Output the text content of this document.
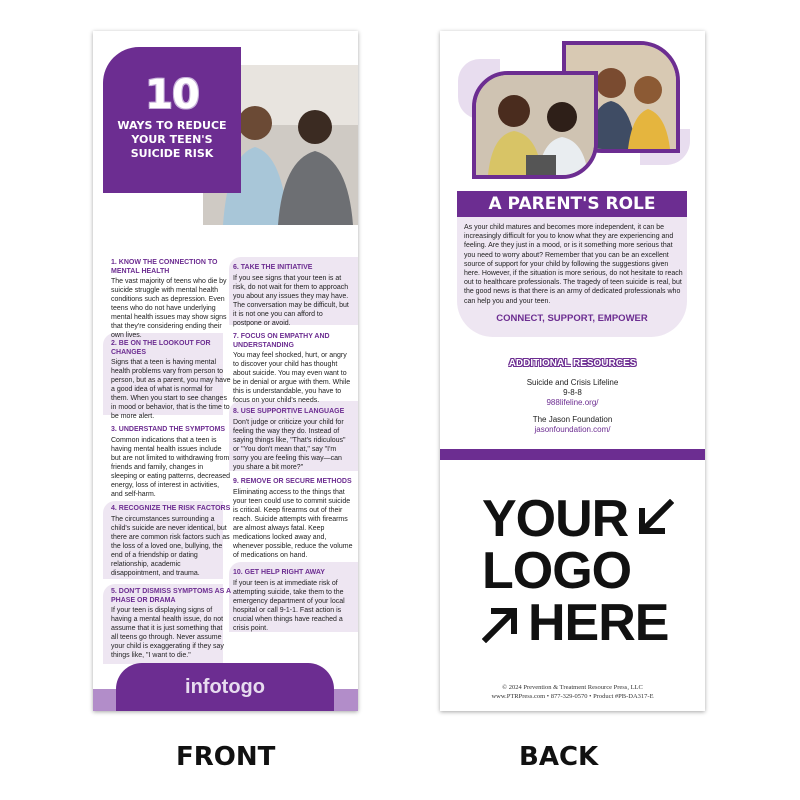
10
WAYS TO REDUCE YOUR TEEN'S SUICIDE RISK
1. KNOW THE CONNECTION TO MENTAL HEALTH
The vast majority of teens who die by suicide struggle with mental health conditions such as depression. Even teens who do not have underlying mental health issues may show signs that they're considering ending their own lives.
2. BE ON THE LOOKOUT FOR CHANGES
Signs that a teen is having mental health problems vary from person to person, but as a parent, you may have a good idea of what is normal for them. When you start to see changes in mood or behavior, that is the time to be more alert.
3. UNDERSTAND THE SYMPTOMS
Common indications that a teen is having mental health issues include but are not limited to withdrawing from friends and family, changes in sleeping or eating patterns, decreased energy, loss of interest in activities, and self-harm.
4. RECOGNIZE THE RISK FACTORS
The circumstances surrounding a child's suicide are never identical, but there are common risk factors such as the loss of a loved one, bullying, the end of a friendship or dating relationship, academic disappointment, and trauma.
5. DON'T DISMISS SYMPTOMS AS A PHASE OR DRAMA
If your teen is displaying signs of having a mental health issue, do not assume that it is just something that all teens go through. Never assume your child is exaggerating if they say things like, "I want to die."
6. TAKE THE INITIATIVE
If you see signs that your teen is at risk, do not wait for them to approach you about any issues they may have. The conversation may be difficult, but it is not one you can afford to postpone or avoid.
7. FOCUS ON EMPATHY AND UNDERSTANDING
You may feel shocked, hurt, or angry to discover your child has thought about suicide. You may even want to be in denial or argue with them. While this is understandable, you have to focus on your child's needs.
8. USE SUPPORTIVE LANGUAGE
Don't judge or criticize your child for feeling the way they do. Instead of saying things like, "That's ridiculous" or "You don't mean that," say "I'm sorry you are feeling this way—can you share a bit more?"
9. REMOVE OR SECURE METHODS
Eliminating access to the things that your teen could use to commit suicide is critical. Keep firearms out of their reach. Suicide attempts with firearms are almost always fatal. Keep medications locked away and, whenever possible, reduce the volume of medications on hand.
10. GET HELP RIGHT AWAY
If your teen is at immediate risk of attempting suicide, take them to the emergency department of your local hospital or call 9-1-1. Fast action is crucial when things have reached a crisis point.
infotogo
A PARENT'S ROLE
As your child matures and becomes more independent, it can be increasingly difficult for you to know what they are experiencing and feeling. Are they just in a mood, or is it something more serious that you need to worry about? Remember that you can be an excellent source of support for your child by following the suggestions given here. However, if the situation is more serious, do not hesitate to reach out to healthcare professionals. The tragedy of teen suicide is real, but the good news is that there is an army of dedicated professionals who can help you and your teen.
CONNECT, SUPPORT, EMPOWER
ADDITIONAL RESOURCES
Suicide and Crisis Lifeline
9-8-8
988lifeline.org/
The Jason Foundation
jasonfoundation.com/
YOUR
LOGO
HERE
© 2024 Prevention & Treatment Resource Press, LLC
www.PTRPress.com • 877-329-0570 • Product #PB-DA317-E
FRONT	BACK
